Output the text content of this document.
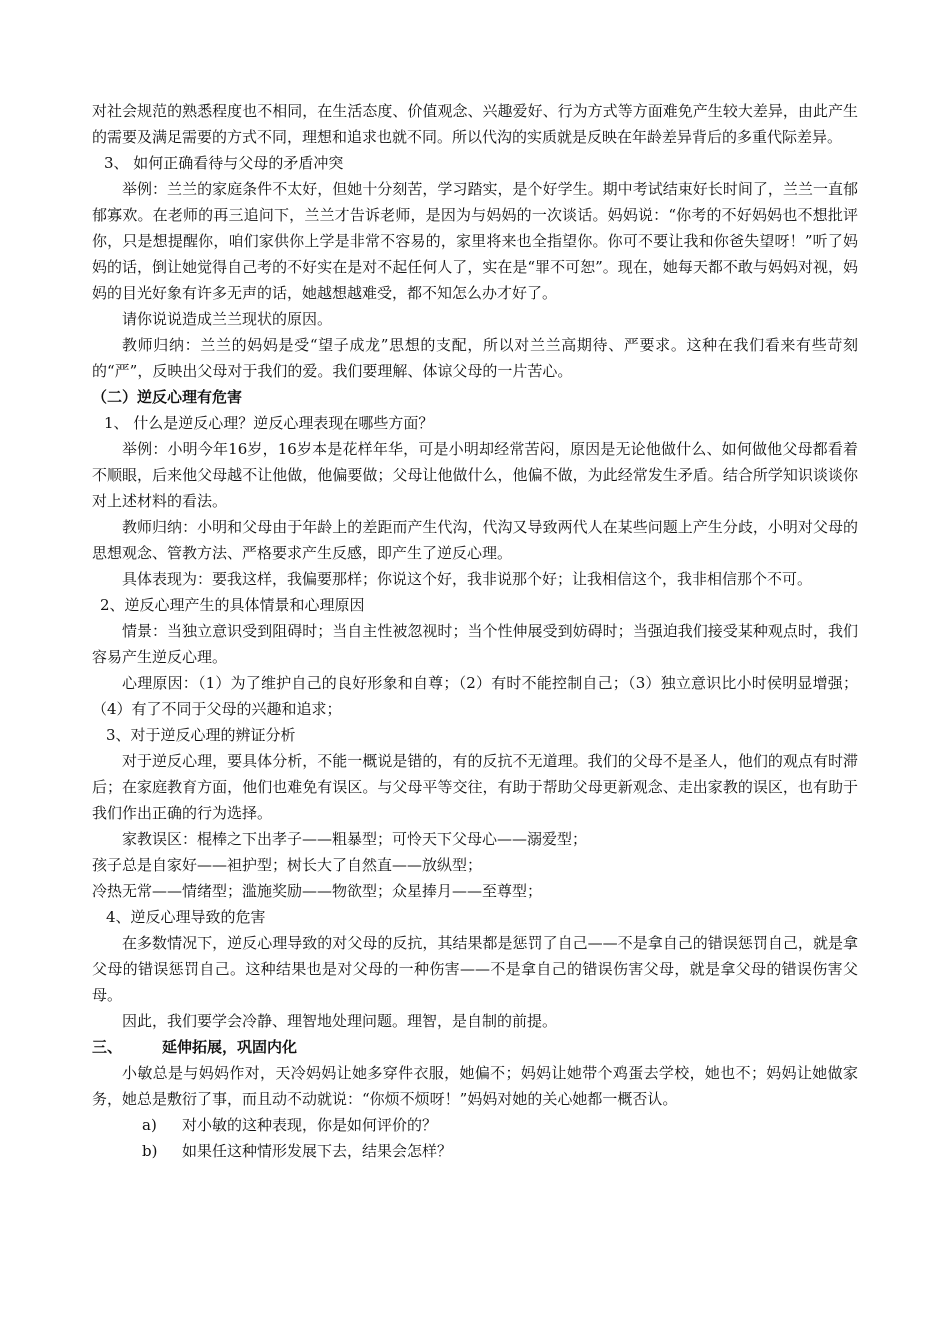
对社会规范的熟悉程度也不相同，在生活态度、价值观念、兴趣爱好、行为方式等方面难免产生较大差异，由此产生的需要及满足需要的方式不同，理想和追求也就不同。所以代沟的实质就是反映在年龄差异背后的多重代际差异。

3、 如何正确看待与父母的矛盾冲突

举例：兰兰的家庭条件不太好，但她十分刻苦，学习踏实，是个好学生。期中考试结束好长时间了，兰兰一直郁郁寡欢。在老师的再三追问下，兰兰才告诉老师，是因为与妈妈的一次谈话。妈妈说：“你考的不好妈妈也不想批评你，只是想提醒你，咱们家供你上学是非常不容易的，家里将来也全指望你。你可不要让我和你爸失望呀！”听了妈妈的话，倒让她觉得自己考的不好实在是对不起任何人了，实在是“罪不可恕”。现在，她每天都不敢与妈妈对视，妈妈的目光好象有许多无声的话，她越想越难受，都不知怎么办才好了。

请你说说造成兰兰现状的原因。

教师归纳：兰兰的妈妈是受“望子成龙”思想的支配，所以对兰兰高期待、严要求。这种在我们看来有些苛刻的“严”，反映出父母对于我们的爱。我们要理解、体谅父母的一片苦心。

（二）逆反心理有危害

1、 什么是逆反心理？逆反心理表现在哪些方面？

举例：小明今年16岁，16岁本是花样年华，可是小明却经常苦闷，原因是无论他做什么、如何做他父母都看着不顺眼，后来他父母越不让他做，他偏要做；父母让他做什么，他偏不做，为此经常发生矛盾。结合所学知识谈谈你对上述材料的看法。

教师归纳：小明和父母由于年龄上的差距而产生代沟，代沟又导致两代人在某些问题上产生分歧，小明对父母的思想观念、管教方法、严格要求产生反感，即产生了逆反心理。

具体表现为：要我这样，我偏要那样；你说这个好，我非说那个好；让我相信这个，我非相信那个不可。

2、逆反心理产生的具体情景和心理原因

情景：当独立意识受到阻碍时；当自主性被忽视时；当个性伸展受到妨碍时；当强迫我们接受某种观点时，我们容易产生逆反心理。

心理原因：（1）为了维护自己的良好形象和自尊；（2）有时不能控制自己；（3）独立意识比小时侯明显增强；（4）有了不同于父母的兴趣和追求；

3、对于逆反心理的辨证分析

对于逆反心理，要具体分析，不能一概说是错的，有的反抗不无道理。我们的父母不是圣人，他们的观点有时滞后；在家庭教育方面，他们也难免有误区。与父母平等交往，有助于帮助父母更新观念、走出家教的误区，也有助于我们作出正确的行为选择。

家教误区：棍棒之下出孝子——粗暴型；可怜天下父母心——溺爱型；

孩子总是自家好——袒护型；树长大了自然直——放纵型；

冷热无常——情绪型；滥施奖励——物欲型；众星捧月——至尊型；

4、逆反心理导致的危害

在多数情况下，逆反心理导致的对父母的反抗，其结果都是惩罚了自己——不是拿自己的错误惩罚自己，就是拿父母的错误惩罚自己。这种结果也是对父母的一种伤害——不是拿自己的错误伤害父母，就是拿父母的错误伤害父母。

因此，我们要学会冷静、理智地处理问题。理智，是自制的前提。

三、	延伸拓展，巩固内化

小敏总是与妈妈作对，天冷妈妈让她多穿件衣服，她偏不；妈妈让她带个鸡蛋去学校，她也不；妈妈让她做家务，她总是敷衍了事，而且动不动就说：“你烦不烦呀！”妈妈对她的关心她都一概否认。

a)	对小敏的这种表现，你是如何评价的？
b)	如果任这种情形发展下去，结果会怎样？
